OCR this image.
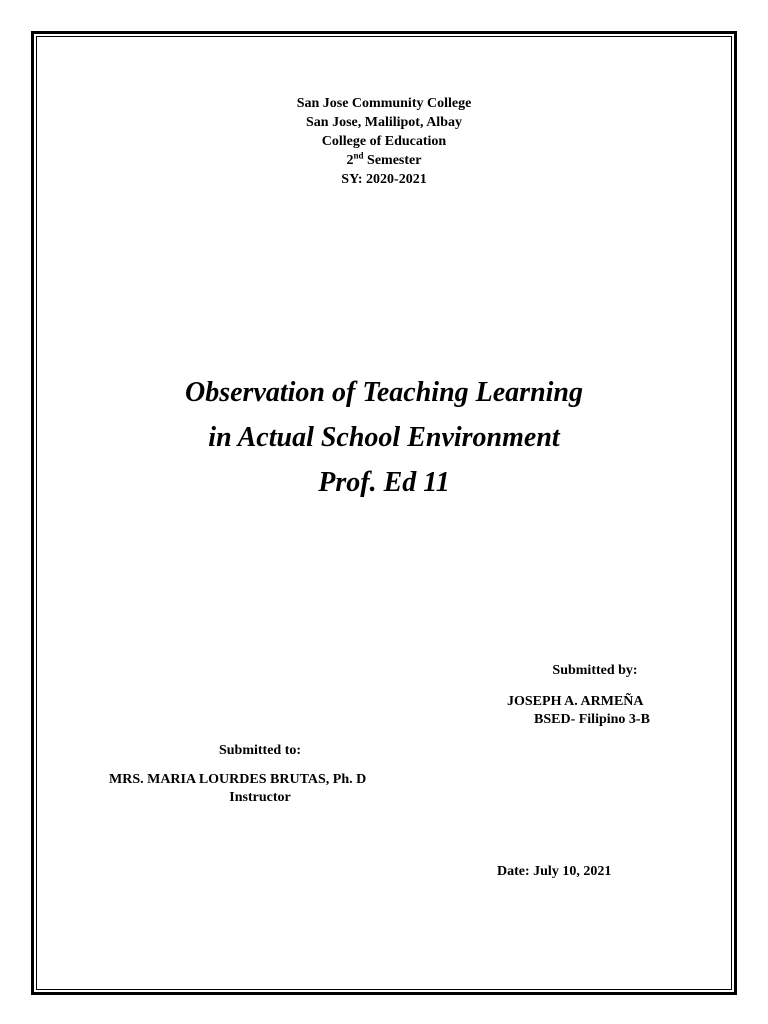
San Jose Community College
San Jose, Malilipot, Albay
College of Education
2nd Semester
SY: 2020-2021
Observation of Teaching Learning
in Actual School Environment
Prof. Ed 11
Submitted by:
JOSEPH A. ARMEÑA
BSED- Filipino 3-B
Submitted to:
MRS. MARIA LOURDES BRUTAS, Ph. D
Instructor
Date: July 10, 2021
